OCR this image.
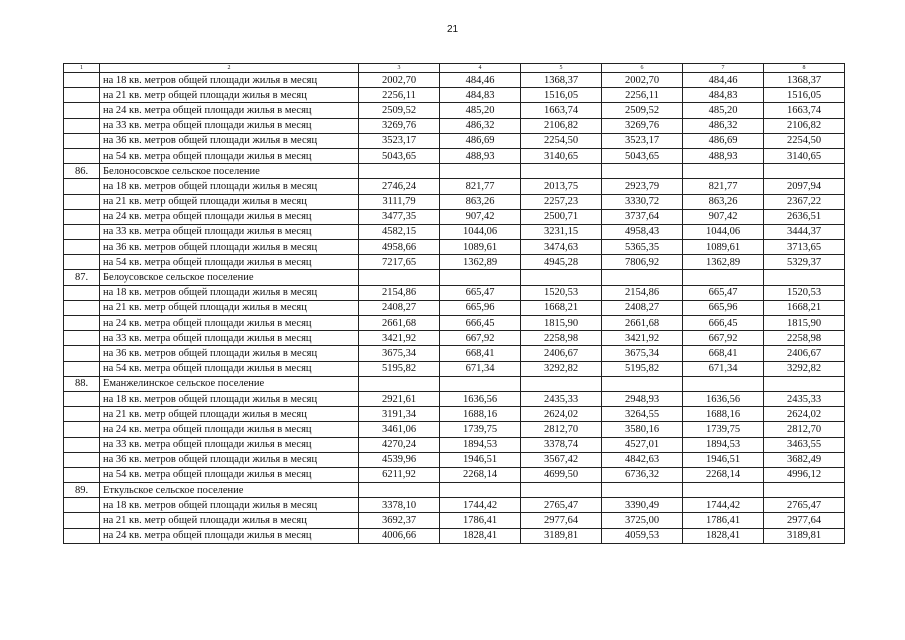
21
1	2	3	4	5	6	7	8
	на 18 кв. метров общей площади жилья в месяц	2002,70	484,46	1368,37	2002,70	484,46	1368,37
	на 21 кв. метр общей площади жилья в месяц	2256,11	484,83	1516,05	2256,11	484,83	1516,05
	на 24 кв. метра общей площади жилья в месяц	2509,52	485,20	1663,74	2509,52	485,20	1663,74
	на 33 кв. метра общей площади жилья в месяц	3269,76	486,32	2106,82	3269,76	486,32	2106,82
	на 36 кв. метров общей площади жилья в месяц	3523,17	486,69	2254,50	3523,17	486,69	2254,50
	на 54 кв. метра общей площади жилья в месяц	5043,65	488,93	3140,65	5043,65	488,93	3140,65
86.	Белоносовское сельское поселение						
	на 18 кв. метров общей площади жилья в месяц	2746,24	821,77	2013,75	2923,79	821,77	2097,94
	на 21 кв. метр общей площади жилья в месяц	3111,79	863,26	2257,23	3330,72	863,26	2367,22
	на 24 кв. метра общей площади жилья в месяц	3477,35	907,42	2500,71	3737,64	907,42	2636,51
	на 33 кв. метра общей площади жилья в месяц	4582,15	1044,06	3231,15	4958,43	1044,06	3444,37
	на 36 кв. метров общей площади жилья в месяц	4958,66	1089,61	3474,63	5365,35	1089,61	3713,65
	на 54 кв. метра общей площади жилья в месяц	7217,65	1362,89	4945,28	7806,92	1362,89	5329,37
87.	Белоусовское сельское поселение						
	на 18 кв. метров общей площади жилья в месяц	2154,86	665,47	1520,53	2154,86	665,47	1520,53
	на 21 кв. метр общей площади жилья в месяц	2408,27	665,96	1668,21	2408,27	665,96	1668,21
	на 24 кв. метра общей площади жилья в месяц	2661,68	666,45	1815,90	2661,68	666,45	1815,90
	на 33 кв. метра общей площади жилья в месяц	3421,92	667,92	2258,98	3421,92	667,92	2258,98
	на 36 кв. метров общей площади жилья в месяц	3675,34	668,41	2406,67	3675,34	668,41	2406,67
	на 54 кв. метра общей площади жилья в месяц	5195,82	671,34	3292,82	5195,82	671,34	3292,82
88.	Еманжелинское сельское поселение						
	на 18 кв. метров общей площади жилья в месяц	2921,61	1636,56	2435,33	2948,93	1636,56	2435,33
	на 21 кв. метр общей площади жилья в месяц	3191,34	1688,16	2624,02	3264,55	1688,16	2624,02
	на 24 кв. метра общей площади жилья в месяц	3461,06	1739,75	2812,70	3580,16	1739,75	2812,70
	на 33 кв. метра общей площади жилья в месяц	4270,24	1894,53	3378,74	4527,01	1894,53	3463,55
	на 36 кв. метров общей площади жилья в месяц	4539,96	1946,51	3567,42	4842,63	1946,51	3682,49
	на 54 кв. метра общей площади жилья в месяц	6211,92	2268,14	4699,50	6736,32	2268,14	4996,12
89.	Еткульское сельское поселение						
	на 18 кв. метров общей площади жилья в месяц	3378,10	1744,42	2765,47	3390,49	1744,42	2765,47
	на 21 кв. метр общей площади жилья в месяц	3692,37	1786,41	2977,64	3725,00	1786,41	2977,64
	на 24 кв. метра общей площади жилья в месяц	4006,66	1828,41	3189,81	4059,53	1828,41	3189,81
